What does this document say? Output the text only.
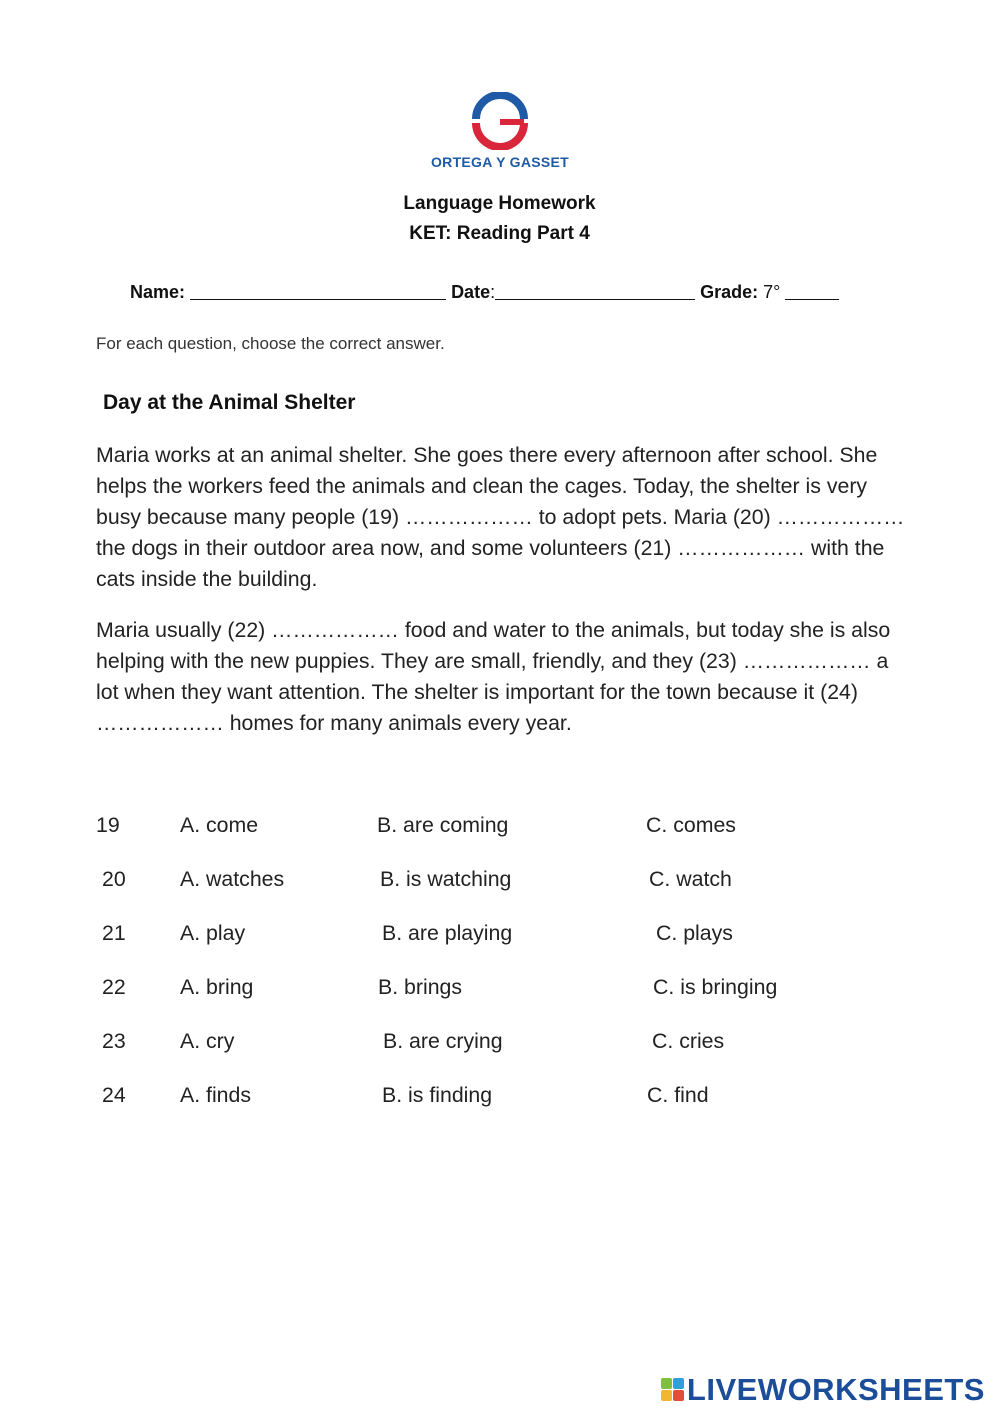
ORTEGA Y GASSET
Language Homework
KET: Reading Part 4
Name:	Date:	Grade: 7°
For each question, choose the correct answer.
Day at the Animal Shelter
Maria works at an animal shelter. She goes there every afternoon after school. She helps the workers feed the animals and clean the cages. Today, the shelter is very busy because many people (19) ……………… to adopt pets. Maria (20) ……………… the dogs in their outdoor area now, and some volunteers (21) ……………… with the cats inside the building.
Maria usually (22) ……………… food and water to the animals, but today she is also helping with the new puppies. They are small, friendly, and they (23) ……………… a lot when they want attention. The shelter is important for the town because it (24) ……………… homes for many animals every year.
19	A. come	B. are coming	C. comes
20	A. watches	B. is watching	C. watch
21	A. play	B. are playing	C. plays
22	A. bring	B. brings	C. is bringing
23	A. cry	B. are crying	C. cries
24	A. finds	B. is finding	C. find
LIVEWORKSHEETS
